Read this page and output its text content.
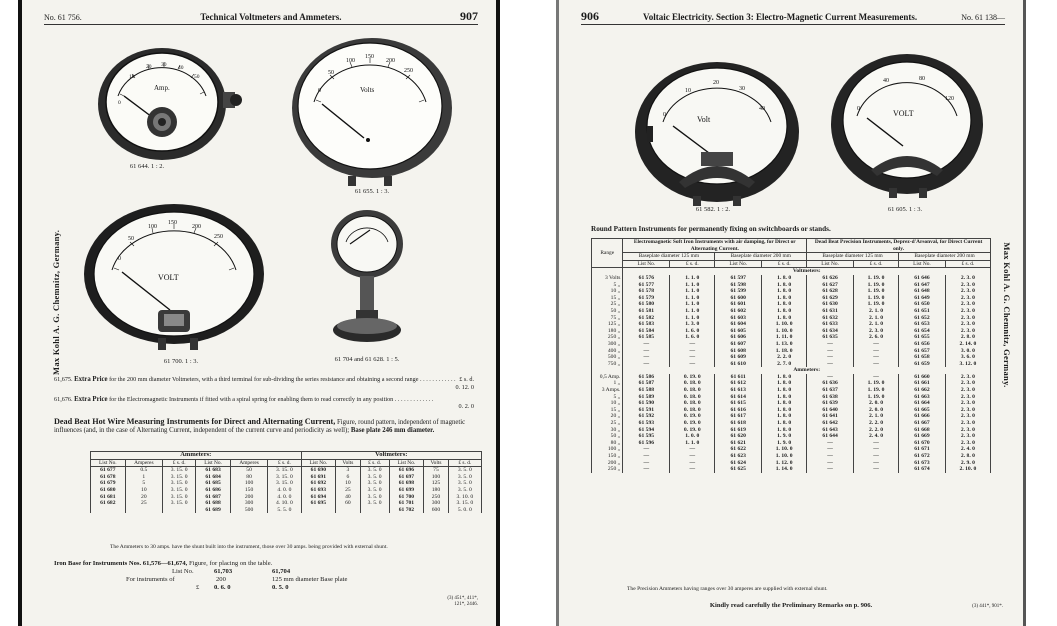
No. 61 756.	Technical Voltmeters and Ammeters.	907
Max Kohl A. G. Chemnitz, Germany.
0
10
20 30 40
50
Amp.
61 644. 1 : 2.
0
50
100
150
200
250
Volts
61 655. 1 : 3.
0
50
100
150
200
250
VOLT
61 700. 1 : 3.	61 704 and 61 628. 1 : 5.
61,675. Extra Price for the 200 mm diameter Voltmeters, with a third terminal for sub-dividing the series resistance and obtaining a second range . . . . . . . . . . . . £ s. d.
0. 12. 0
61,676. Extra Price for the Electromagnetic Instruments if fitted with a spiral spring for enabling them to read correctly in any position . . . . . . . . . . . . .
0. 2. 0
Dead Beat Hot Wire Measuring Instruments for Direct and Alternating Current, Figure, round pattern, independent of magnetic influences (and, in the case of Alternating Current, independent of the current curve and periodicity as well); Base plate 246 mm diameter.
Ammeters:						Voltmeters:					
List No.	Amperes	£ s. d.	List No.	Amperes	£ s. d.	List No.	Volts	£ s. d.	List No.	Volts	£ s. d.
61 677	0.5	3. 15. 0	61 683	50	3. 15. 0	61 690	3	3. 5. 0	61 696	75	3. 5. 0
61 678	1	3. 15. 0	61 684	80	3. 15. 0	61 691	6	3. 5. 0	61 697	100	3. 5. 0
61 679	5	3. 15. 0	61 685	100	3. 15. 0	61 692	10	3. 5. 0	61 698	125	3. 5. 0
61 680	10	3. 15. 0	61 686	150	4. 0. 0	61 693	25	3. 5. 0	61 699	180	3. 5. 0
61 681	20	3. 15. 0	61 687	200	4. 0. 0	61 694	40	3. 5. 0	61 700	250	3. 10. 0
61 682	25	3. 15. 0	61 688	300	4. 10. 0	61 695	60	3. 5. 0	61 701	300	3. 15. 0
			61 689	500	5. 5. 0				61 702	600	5. 0. 0
The Ammeters to 30 amps. have the shunt built into the instrument, those over 30 amps. being provided with external shunt.
Iron Base for Instruments Nos. 61,576—61,674, Figure, for placing on the table.
List No.	61,703	61,704
For instruments of	200	125 mm diameter Base plate
£ 0. 6. 0	0. 5. 0
(3) 451*, 411*,
121*, 2446.
906	Voltaic Electricity. Section 3: Electro-Magnetic Current Measurements.	No. 61 138—
Max Kohl A. G. Chemnitz, Germany.
0
10
20
30
40
Volt
61 582. 1 : 2.
0
40	80
120
VOLT
61 605. 1 : 3.
Round Pattern Instruments for permanently fixing on switchboards or stands.
Range	Electromagnetic Soft Iron Instruments with air damping, for Direct or Alternating Current.				Dead Beat Precision Instruments, Deprez-d'Arsonval, for Direct Current only.			
	Baseplate diameter 125 mm		Baseplate diameter 200 mm		Baseplate diameter 125 mm		Baseplate diameter 200 mm	
	List No.	£ s. d.	List No.	£ s. d.	List No.	£ s. d.	List No.	£ s. d.
	Voltmeters:							
3 Volts	61 576	1. 1. 0	61 597	1. 8. 0	61 626	1. 19. 0	61 646	2. 3. 0
5 ,,	61 577	1. 1. 0	61 598	1. 8. 0	61 627	1. 19. 0	61 647	2. 3. 0
10 ,,	61 578	1. 1. 0	61 599	1. 8. 0	61 628	1. 19. 0	61 648	2. 3. 0
15 ,,	61 579	1. 1. 0	61 600	1. 8. 0	61 629	1. 19. 0	61 649	2. 3. 0
25 ,,	61 580	1. 1. 0	61 601	1. 8. 0	61 630	1. 19. 0	61 650	2. 3. 0
50 ,,	61 581	1. 1. 0	61 602	1. 8. 0	61 631	2. 1. 0	61 651	2. 3. 0
75 ,,	61 582	1. 1. 0	61 603	1. 8. 0	61 632	2. 1. 0	61 652	2. 3. 0
125 ,,	61 583	1. 3. 0	61 604	1. 10. 0	61 633	2. 1. 0	61 653	2. 3. 0
180 ,,	61 584	1. 6. 0	61 605	1. 10. 0	61 634	2. 3. 0	61 654	2. 3. 0
250 ,,	61 585	1. 6. 0	61 606	1. 11. 0	61 635	2. 6. 0	61 655	2. 8. 0
300 ,,	—	—	61 607	1. 13. 0	—	—	61 656	2. 14. 0
400 ,,	—	—	61 608	1. 18. 0	—	—	61 657	3. 0. 0
500 ,,	—	—	61 609	2. 2. 0	—	—	61 658	3. 6. 0
750 ,,	—	—	61 610	2. 7. 0	—	—	61 659	3. 12. 0
	Ammeters:							
0,5 Amp.	61 586	0. 19. 0	61 611	1. 8. 0	—	—	61 660	2. 3. 0
1 ,,	61 587	0. 18. 0	61 612	1. 8. 0	61 636	1. 19. 0	61 661	2. 3. 0
3 Amps.	61 588	0. 18. 0	61 613	1. 8. 0	61 637	1. 19. 0	61 662	2. 3. 0
5 ,,	61 589	0. 18. 0	61 614	1. 8. 0	61 638	1. 19. 0	61 663	2. 3. 0
10 ,,	61 590	0. 18. 0	61 615	1. 8. 0	61 639	2. 0. 0	61 664	2. 3. 0
15 ,,	61 591	0. 18. 0	61 616	1. 8. 0	61 640	2. 0. 0	61 665	2. 3. 0
20 ,,	61 592	0. 19. 0	61 617	1. 8. 0	61 641	2. 1. 0	61 666	2. 3. 0
25 ,,	61 593	0. 19. 0	61 618	1. 8. 0	61 642	2. 2. 0	61 667	2. 3. 0
30 ,,	61 594	0. 19. 0	61 619	1. 8. 0	61 643	2. 2. 0	61 668	2. 3. 0
50 ,,	61 595	1. 0. 0	61 620	1. 9. 0	61 644	2. 4. 0	61 669	2. 3. 0
80 ,,	61 596	1. 1. 0	61 621	1. 9. 0	—	—	61 670	2. 3. 0
100 ,,	—	—	61 622	1. 10. 0	—	—	61 671	2. 4. 0
150 ,,	—	—	61 623	1. 10. 0	—	—	61 672	2. 8. 0
200 ,,	—	—	61 624	1. 12. 0	—	—	61 673	2. 9. 0
250 ,,	—	—	61 625	1. 14. 0	—	—	61 674	2. 10. 0
The Precision Ammeters having ranges over 30 amperes are supplied with external shunt.
Kindly read carefully the Preliminary Remarks on p. 906.	(3) 441*, 901*.
